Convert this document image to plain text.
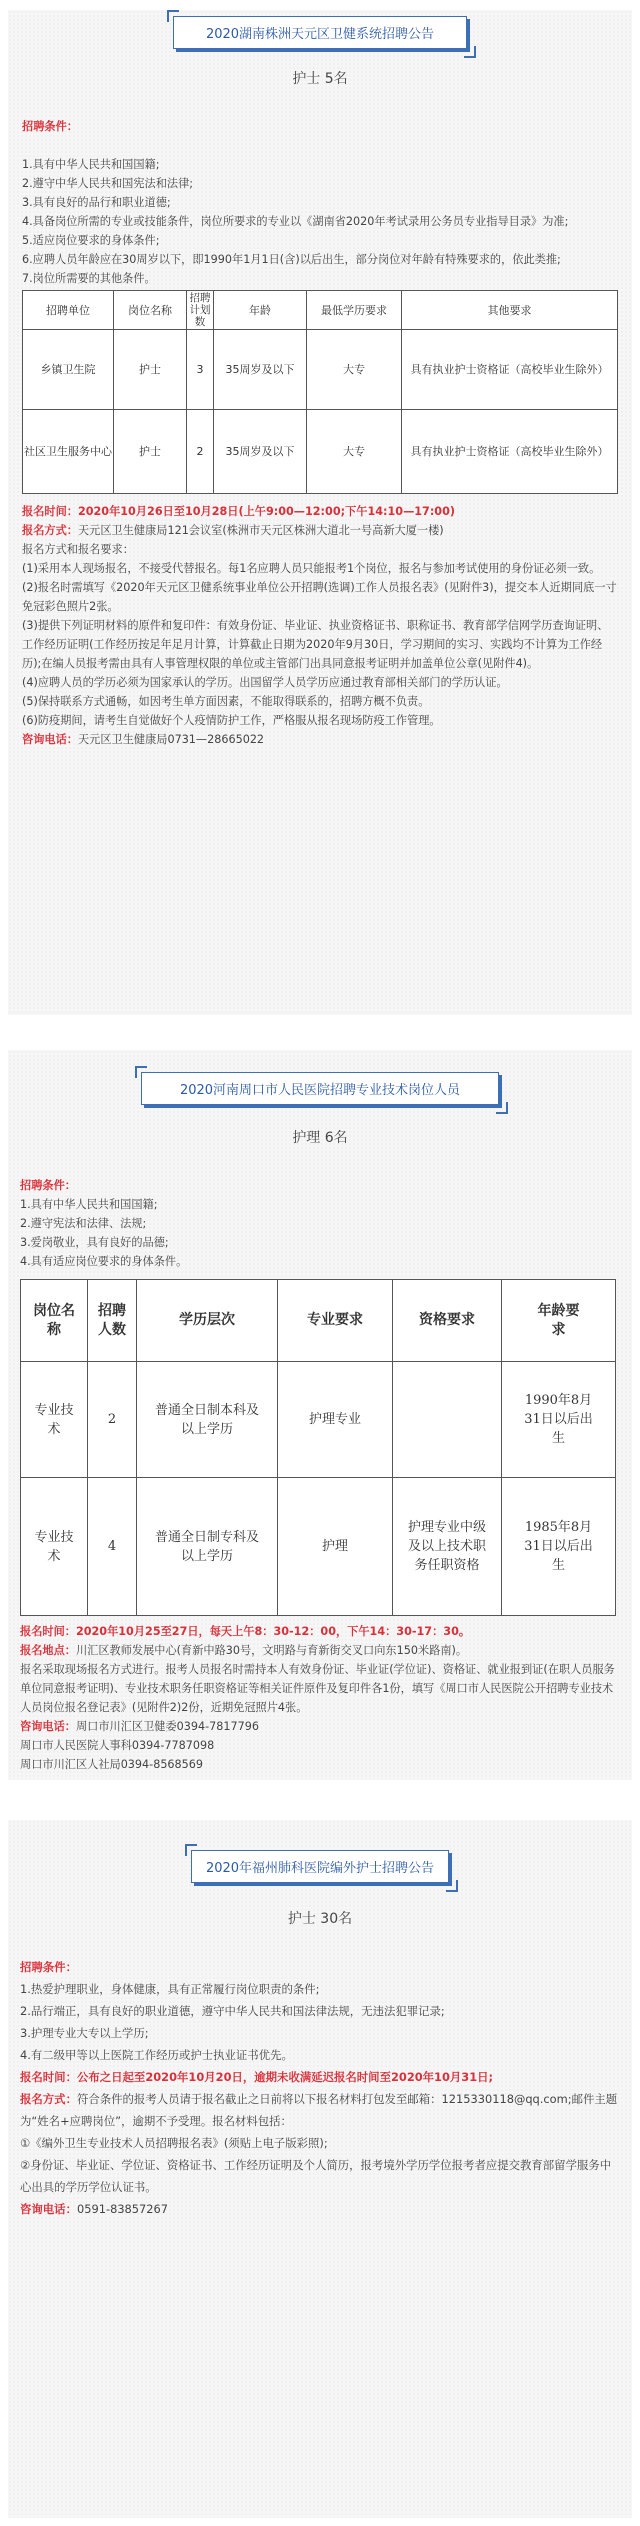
2020湖南株洲天元区卫健系统招聘公告
护士 5名

招聘条件：

1.具有中华人民共和国国籍;

2.遵守中华人民共和国宪法和法律;

3.具有良好的品行和职业道德;

4.具备岗位所需的专业或技能条件，岗位所要求的专业以《湖南省2020年考试录用公务员专业指导目录》为准;

5.适应岗位要求的身体条件;

6.应聘人员年龄应在30周岁以下，即1990年1月1日(含)以后出生，部分岗位对年龄有特殊要求的，依此类推;

7.岗位所需要的其他条件。

招聘单位	岗位名称	招聘计划数	年龄	最低学历要求	其他要求
乡镇卫生院	护士	3	35周岁及以下	大专	具有执业护士资格证（高校毕业生除外）
社区卫生服务中心	护士	2	35周岁及以下	大专	具有执业护士资格证（高校毕业生除外）

报名时间：2020年10月26日至10月28日(上午9:00—12:00;下午14:10—17:00)

报名方式：天元区卫生健康局121会议室(株洲市天元区株洲大道北一号高新大厦一楼)

报名方式和报名要求：

(1)采用本人现场报名，不接受代替报名。每1名应聘人员只能报考1个岗位，报名与参加考试使用的身份证必须一致。

(2)报名时需填写《2020年天元区卫健系统事业单位公开招聘(选调)工作人员报名表》(见附件3)，提交本人近期同底一寸免冠彩色照片2张。

(3)提供下列证明材料的原件和复印件：有效身份证、毕业证、执业资格证书、职称证书、教育部学信网学历查询证明、工作经历证明(工作经历按足年足月计算，计算截止日期为2020年9月30日，学习期间的实习、实践均不计算为工作经历);在编人员报考需由具有人事管理权限的单位或主管部门出具同意报考证明并加盖单位公章(见附件4)。

(4)应聘人员的学历必须为国家承认的学历。出国留学人员学历应通过教育部相关部门的学历认证。

(5)保持联系方式通畅，如因考生单方面因素，不能取得联系的，招聘方概不负责。

(6)防疫期间，请考生自觉做好个人疫情防护工作，严格服从报名现场防疫工作管理。

咨询电话：天元区卫生健康局0731—28665022

2020河南周口市人民医院招聘专业技术岗位人员
护理 6名

招聘条件：

1.具有中华人民共和国国籍;

2.遵守宪法和法律、法规;

3.爱岗敬业，具有良好的品德;

4.具有适应岗位要求的身体条件。

岗位名称	招聘人数	学历层次	专业要求	资格要求	年龄要求
专业技术	2	普通全日制本科及以上学历	护理专业		1990年8月31日以后出生
专业技术	4	普通全日制专科及以上学历	护理	护理专业中级及以上技术职务任职资格	1985年8月31日以后出生

报名时间：2020年10月25至27日，每天上午8：30-12：00，下午14：30-17：30。

报名地点：川汇区教师发展中心(育新中路30号，文明路与育新街交叉口向东150米路南)。

报名采取现场报名方式进行。报考人员报名时需持本人有效身份证、毕业证(学位证)、资格证、就业报到证(在职人员服务单位同意报考证明)、专业技术职务任职资格证等相关证件原件及复印件各1份，填写《周口市人民医院公开招聘专业技术人员岗位报名登记表》(见附件2)2份，近期免冠照片4张。

咨询电话：周口市川汇区卫健委0394-7817796

周口市人民医院人事科0394-7787098

周口市川汇区人社局0394-8568569

2020年福州肺科医院编外护士招聘公告
护士 30名

招聘条件：

1.热爱护理职业，身体健康，具有正常履行岗位职责的条件;

2.品行端正，具有良好的职业道德，遵守中华人民共和国法律法规，无违法犯罪记录;

3.护理专业大专以上学历;

4.有二级甲等以上医院工作经历或护士执业证书优先。

报名时间：公布之日起至2020年10月20日，逾期未收满延迟报名时间至2020年10月31日;

报名方式：符合条件的报考人员请于报名截止之日前将以下报名材料打包发至邮箱：1215330118@qq.com;邮件主题为“姓名+应聘岗位”，逾期不予受理。报名材料包括：

①《编外卫生专业技术人员招聘报名表》(须贴上电子版彩照);

②身份证、毕业证、学位证、资格证书、工作经历证明及个人简历，报考境外学历学位报考者应提交教育部留学服务中心出具的学历学位认证书。

咨询电话：0591-83857267
